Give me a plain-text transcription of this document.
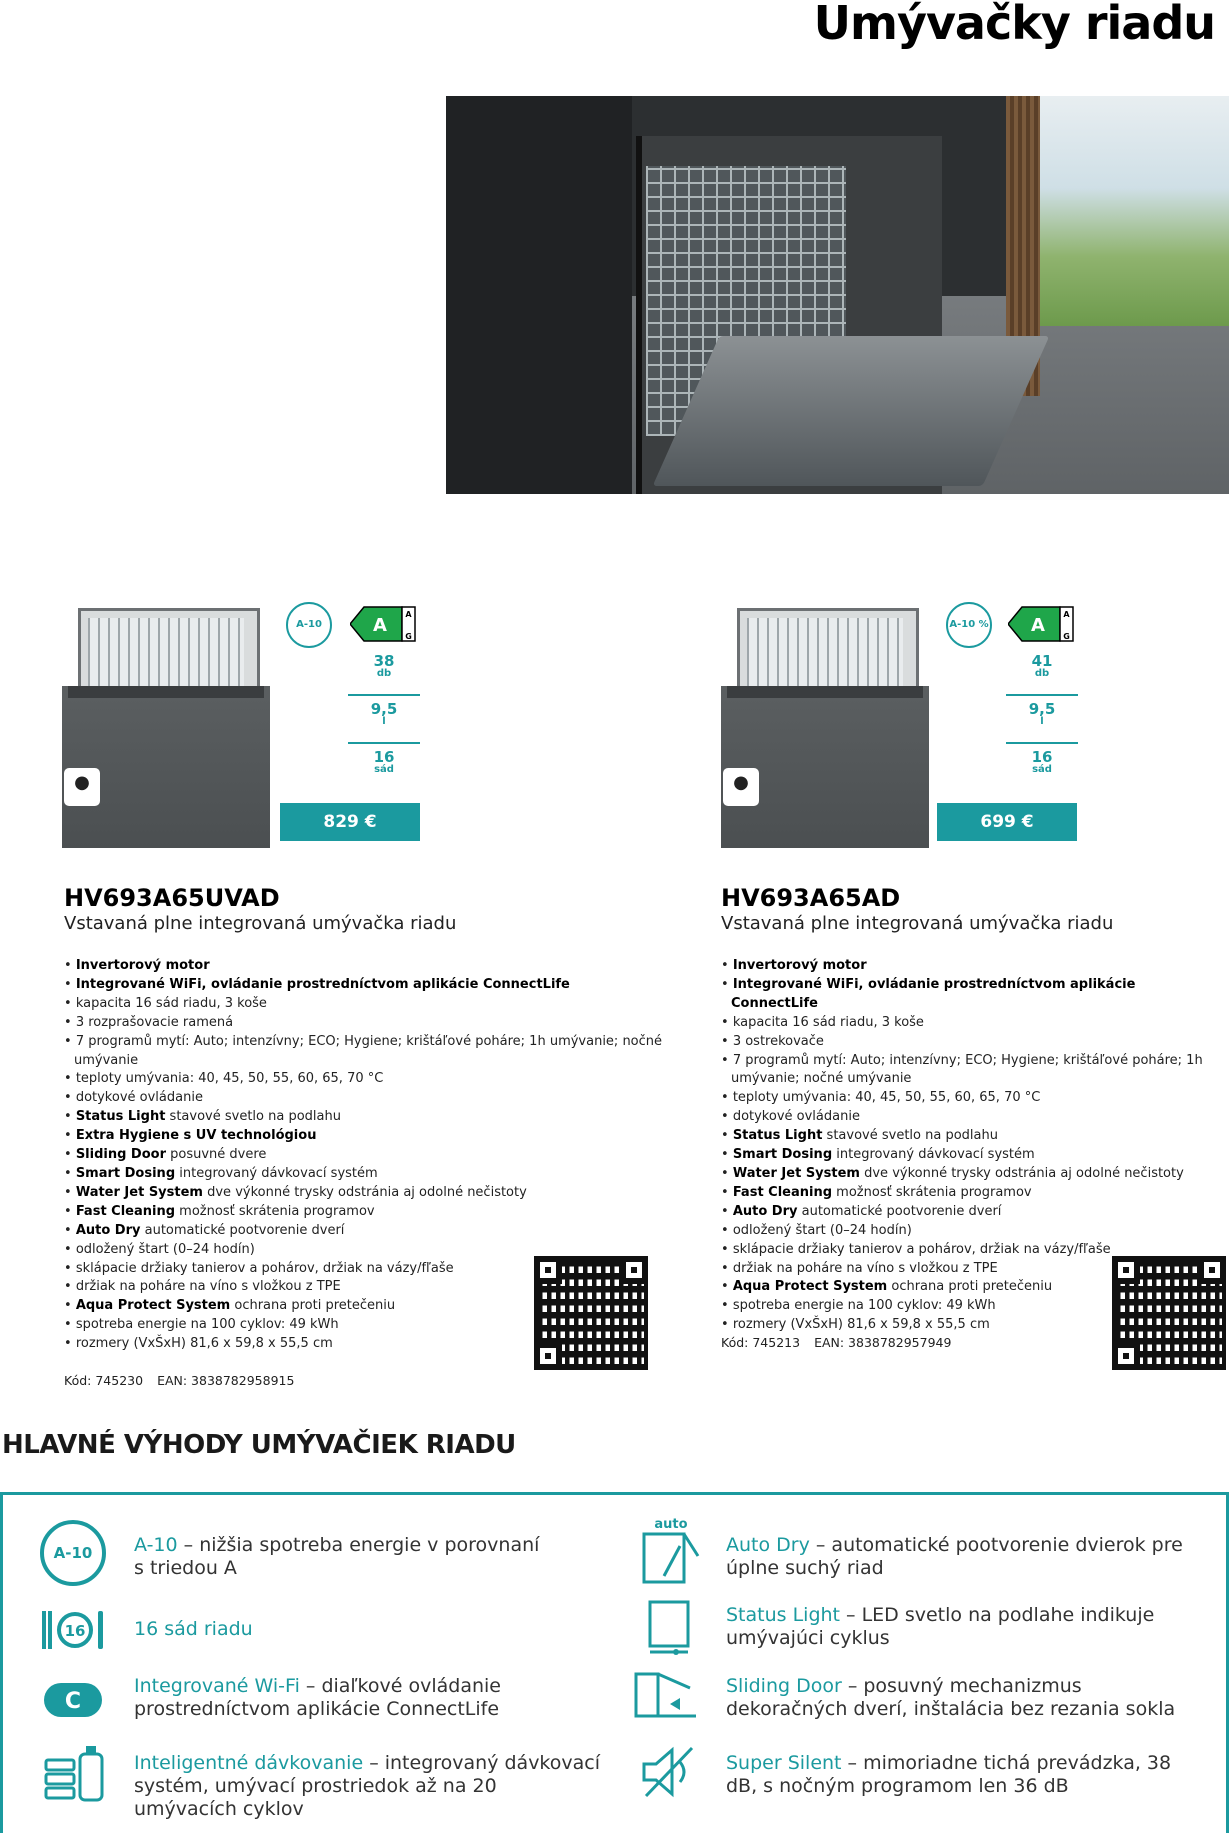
Umývačky riadu
●
A-10	A
A
G
38
db
9,5
l
16
sád
829 €
HV693A65UVAD
Vstavaná plne integrovaná umývačka riadu
• Invertorový motor
• Integrované WiFi, ovládanie prostredníctvom aplikácie ConnectLife
• kapacita 16 sád riadu, 3 koše
• 3 rozprašovacie ramená
• 7 programů mytí: Auto; intenzívny; ECO; Hygiene; krištáľové poháre; 1h umývanie; nočné umývanie
• teploty umývania: 40, 45, 50, 55, 60, 65, 70 °C
• dotykové ovládanie
• Status Light stavové svetlo na podlahu
• Extra Hygiene s UV technológiou
• Sliding Door posuvné dvere
• Smart Dosing integrovaný dávkovací systém
• Water Jet System dve výkonné trysky odstránia aj odolné nečistoty
• Fast Cleaning možnosť skrátenia programov
• Auto Dry automatické pootvorenie dverí
• odložený štart (0–24 hodín)
• sklápacie držiaky tanierov a pohárov, držiak na vázy/fľaše
• držiak na poháre na víno s vložkou z TPE
• Aqua Protect System ochrana proti pretečeniu
• spotreba energie na 100 cyklov: 49 kWh
• rozmery (VxŠxH) 81,6 x 59,8 x 55,5 cm
Kód: 745230 EAN: 3838782958915
●
A-10 % A
A
G
41
db
9,5
l
16
sád
699 €
HV693A65AD
Vstavaná plne integrovaná umývačka riadu
• Invertorový motor
• Integrované WiFi, ovládanie prostredníctvom aplikácie ConnectLife
• kapacita 16 sád riadu, 3 koše
• 3 ostrekovače
• 7 programů mytí: Auto; intenzívny; ECO; Hygiene; krištáľové poháre; 1h umývanie; nočné umývanie
• teploty umývania: 40, 45, 50, 55, 60, 65, 70 °C
• dotykové ovládanie
• Status Light stavové svetlo na podlahu
• Smart Dosing integrovaný dávkovací systém
• Water Jet System dve výkonné trysky odstránia aj odolné nečistoty
• Fast Cleaning možnosť skrátenia programov
• Auto Dry automatické pootvorenie dverí
• odložený štart (0–24 hodín)
• sklápacie držiaky tanierov a pohárov, držiak na vázy/fľaše
• držiak na poháre na víno s vložkou z TPE
• Aqua Protect System ochrana proti pretečeniu
• spotreba energie na 100 cyklov: 49 kWh
• rozmery (VxŠxH) 81,6 x 59,8 x 55,5 cm
Kód: 745213 EAN: 3838782957949
HLAVNÉ VÝHODY UMÝVAČIEK RIADU
A-10
16
C
auto
A-10 – nižšia spotreba energie v porovnaní s triedou A
16 sád riadu
Integrované Wi-Fi – diaľkové ovládanie prostredníctvom aplikácie ConnectLife
Inteligentné dávkovanie – integrovaný dávkovací systém, umývací prostriedok až na 20 umývacích cyklov
Auto Dry – automatické pootvorenie dvierok pre úplne suchý riad
Status Light – LED svetlo na podlahe indikuje umývajúci cyklus
Sliding Door – posuvný mechanizmus dekoračných dverí, inštalácia bez rezania sokla
Super Silent – mimoriadne tichá prevádzka, 38 dB, s nočným programom len 36 dB
